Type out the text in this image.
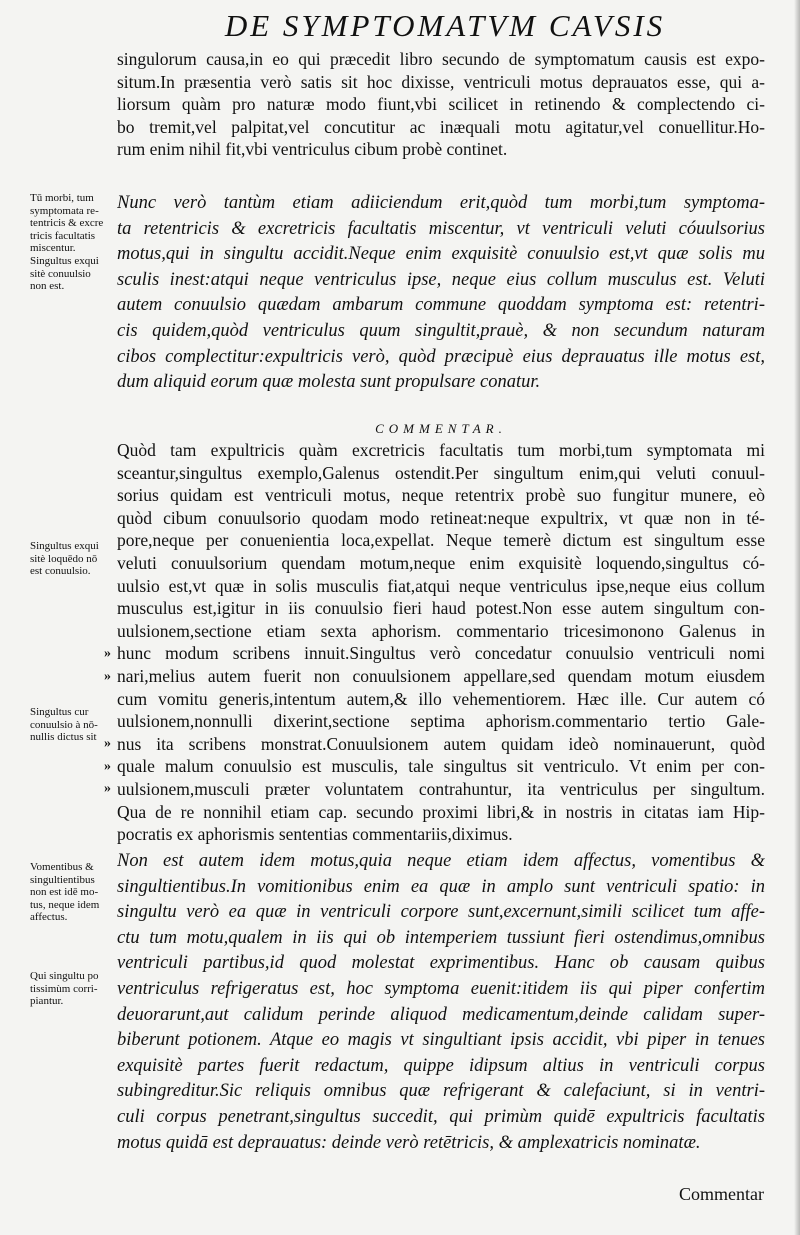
DE SYMPTOMATVM CAVSIS
singulorum causa,in eo qui præcedit libro secundo de symptomatum causis est expo-
situm.In præsentia verò satis sit hoc dixisse, ventriculi motus deprauatos esse, qui a-
liorsum quàm pro naturæ modo fiunt,vbi scilicet in retinendo & complectendo ci-
bo tremit,vel palpitat,vel concutitur ac inæquali motu agitatur,vel conuellitur.Ho-
rum enim nihil fit,vbi ventriculus cibum probè continet.
Nunc verò tantùm etiam adiiciendum erit,quòd tum morbi,tum symptoma-
ta retentricis & excretricis facultatis miscentur, vt ventriculi veluti cóuulsorius
motus,qui in singultu accidit.Neque enim exquisitè conuulsio est,vt quæ solis mu
sculis inest:atqui neque ventriculus ipse, neque eius collum musculus est. Veluti
autem conuulsio quædam ambarum commune quoddam symptoma est: retentri-
cis quidem,quòd ventriculus quum singultit,prauè, & non secundum naturam
cibos complectitur:expultricis verò, quòd præcipuè eius deprauatus ille motus est,
dum aliquid eorum quæ molesta sunt propulsare conatur.
COMMENTAR.
Quòd tam expultricis quàm excretricis facultatis tum morbi,tum symptomata mi
sceantur,singultus exemplo,Galenus ostendit.Per singultum enim,qui veluti conuul-
sorius quidam est ventriculi motus, neque retentrix probè suo fungitur munere, eò
quòd cibum conuulsorio quodam modo retineat:neque expultrix, vt quæ non in té-
pore,neque per conuenientia loca,expellat. Neque temerè dictum est singultum esse
veluti conuulsorium quendam motum,neque enim exquisitè loquendo,singultus có-
uulsio est,vt quæ in solis musculis fiat,atqui neque ventriculus ipse,neque eius collum
musculus est,igitur in iis conuulsio fieri haud potest.Non esse autem singultum con-
uulsionem,sectione etiam sexta aphorism. commentario tricesimonono Galenus in
hunc modum scribens innuit.Singultus verò concedatur conuulsio ventriculi nomi
nari,melius autem fuerit non conuulsionem appellare,sed quendam motum eiusdem
cum vomitu generis,intentum autem,& illo vehementiorem. Hæc ille. Cur autem có
uulsionem,nonnulli dixerint,sectione septima aphorism.commentario tertio Gale-
nus ita scribens monstrat.Conuulsionem autem quidam ideò nominauerunt, quòd
quale malum conuulsio est musculis, tale singultus sit ventriculo. Vt enim per con-
uulsionem,musculi præter voluntatem contrahuntur, ita ventriculus per singultum.
Qua de re nonnihil etiam cap. secundo proximi libri,& in nostris in citatas iam Hip-
pocratis ex aphorismis sententias commentariis,diximus.
Non est autem idem motus,quia neque etiam idem affectus, vomentibus &
singultientibus.In vomitionibus enim ea quæ in amplo sunt ventriculi spatio: in
singultu verò ea quæ in ventriculi corpore sunt,excernunt,simili scilicet tum affe-
ctu tum motu,qualem in iis qui ob intemperiem tussiunt fieri ostendimus,omnibus
ventriculi partibus,id quod molestat exprimentibus. Hanc ob causam quibus
ventriculus refrigeratus est, hoc symptoma euenit:itidem iis qui piper confertim
deuorarunt,aut calidum perinde aliquod medicamentum,deinde calidam super-
biberunt potionem. Atque eo magis vt singultiant ipsis accidit, vbi piper in tenues
exquisitè partes fuerit redactum, quippe idipsum altius in ventriculi corpus
subingreditur.Sic reliquis omnibus quæ refrigerant & calefaciunt, si in ventri-
culi corpus penetrant,singultus succedit, qui primùm quidē expultricis facultatis
motus quidā est deprauatus: deinde verò retētricis, & amplexatricis nominatæ.
Tū morbi, tum
symptomata re-
tentricis & excre
tricis facultatis
miscentur.
Singultus exqui
sitè conuulsio
non est.
Singultus exqui
sitè loquēdo nō
est conuulsio.
Singultus cur
conuulsio à nō-
nullis dictus sit
Vomentibus &
singultientibus
non est idē mo-
tus, neque idem
affectus.
Qui singultu po
tissimùm corri-
piantur.
»
»
»
»
»
Commentar
